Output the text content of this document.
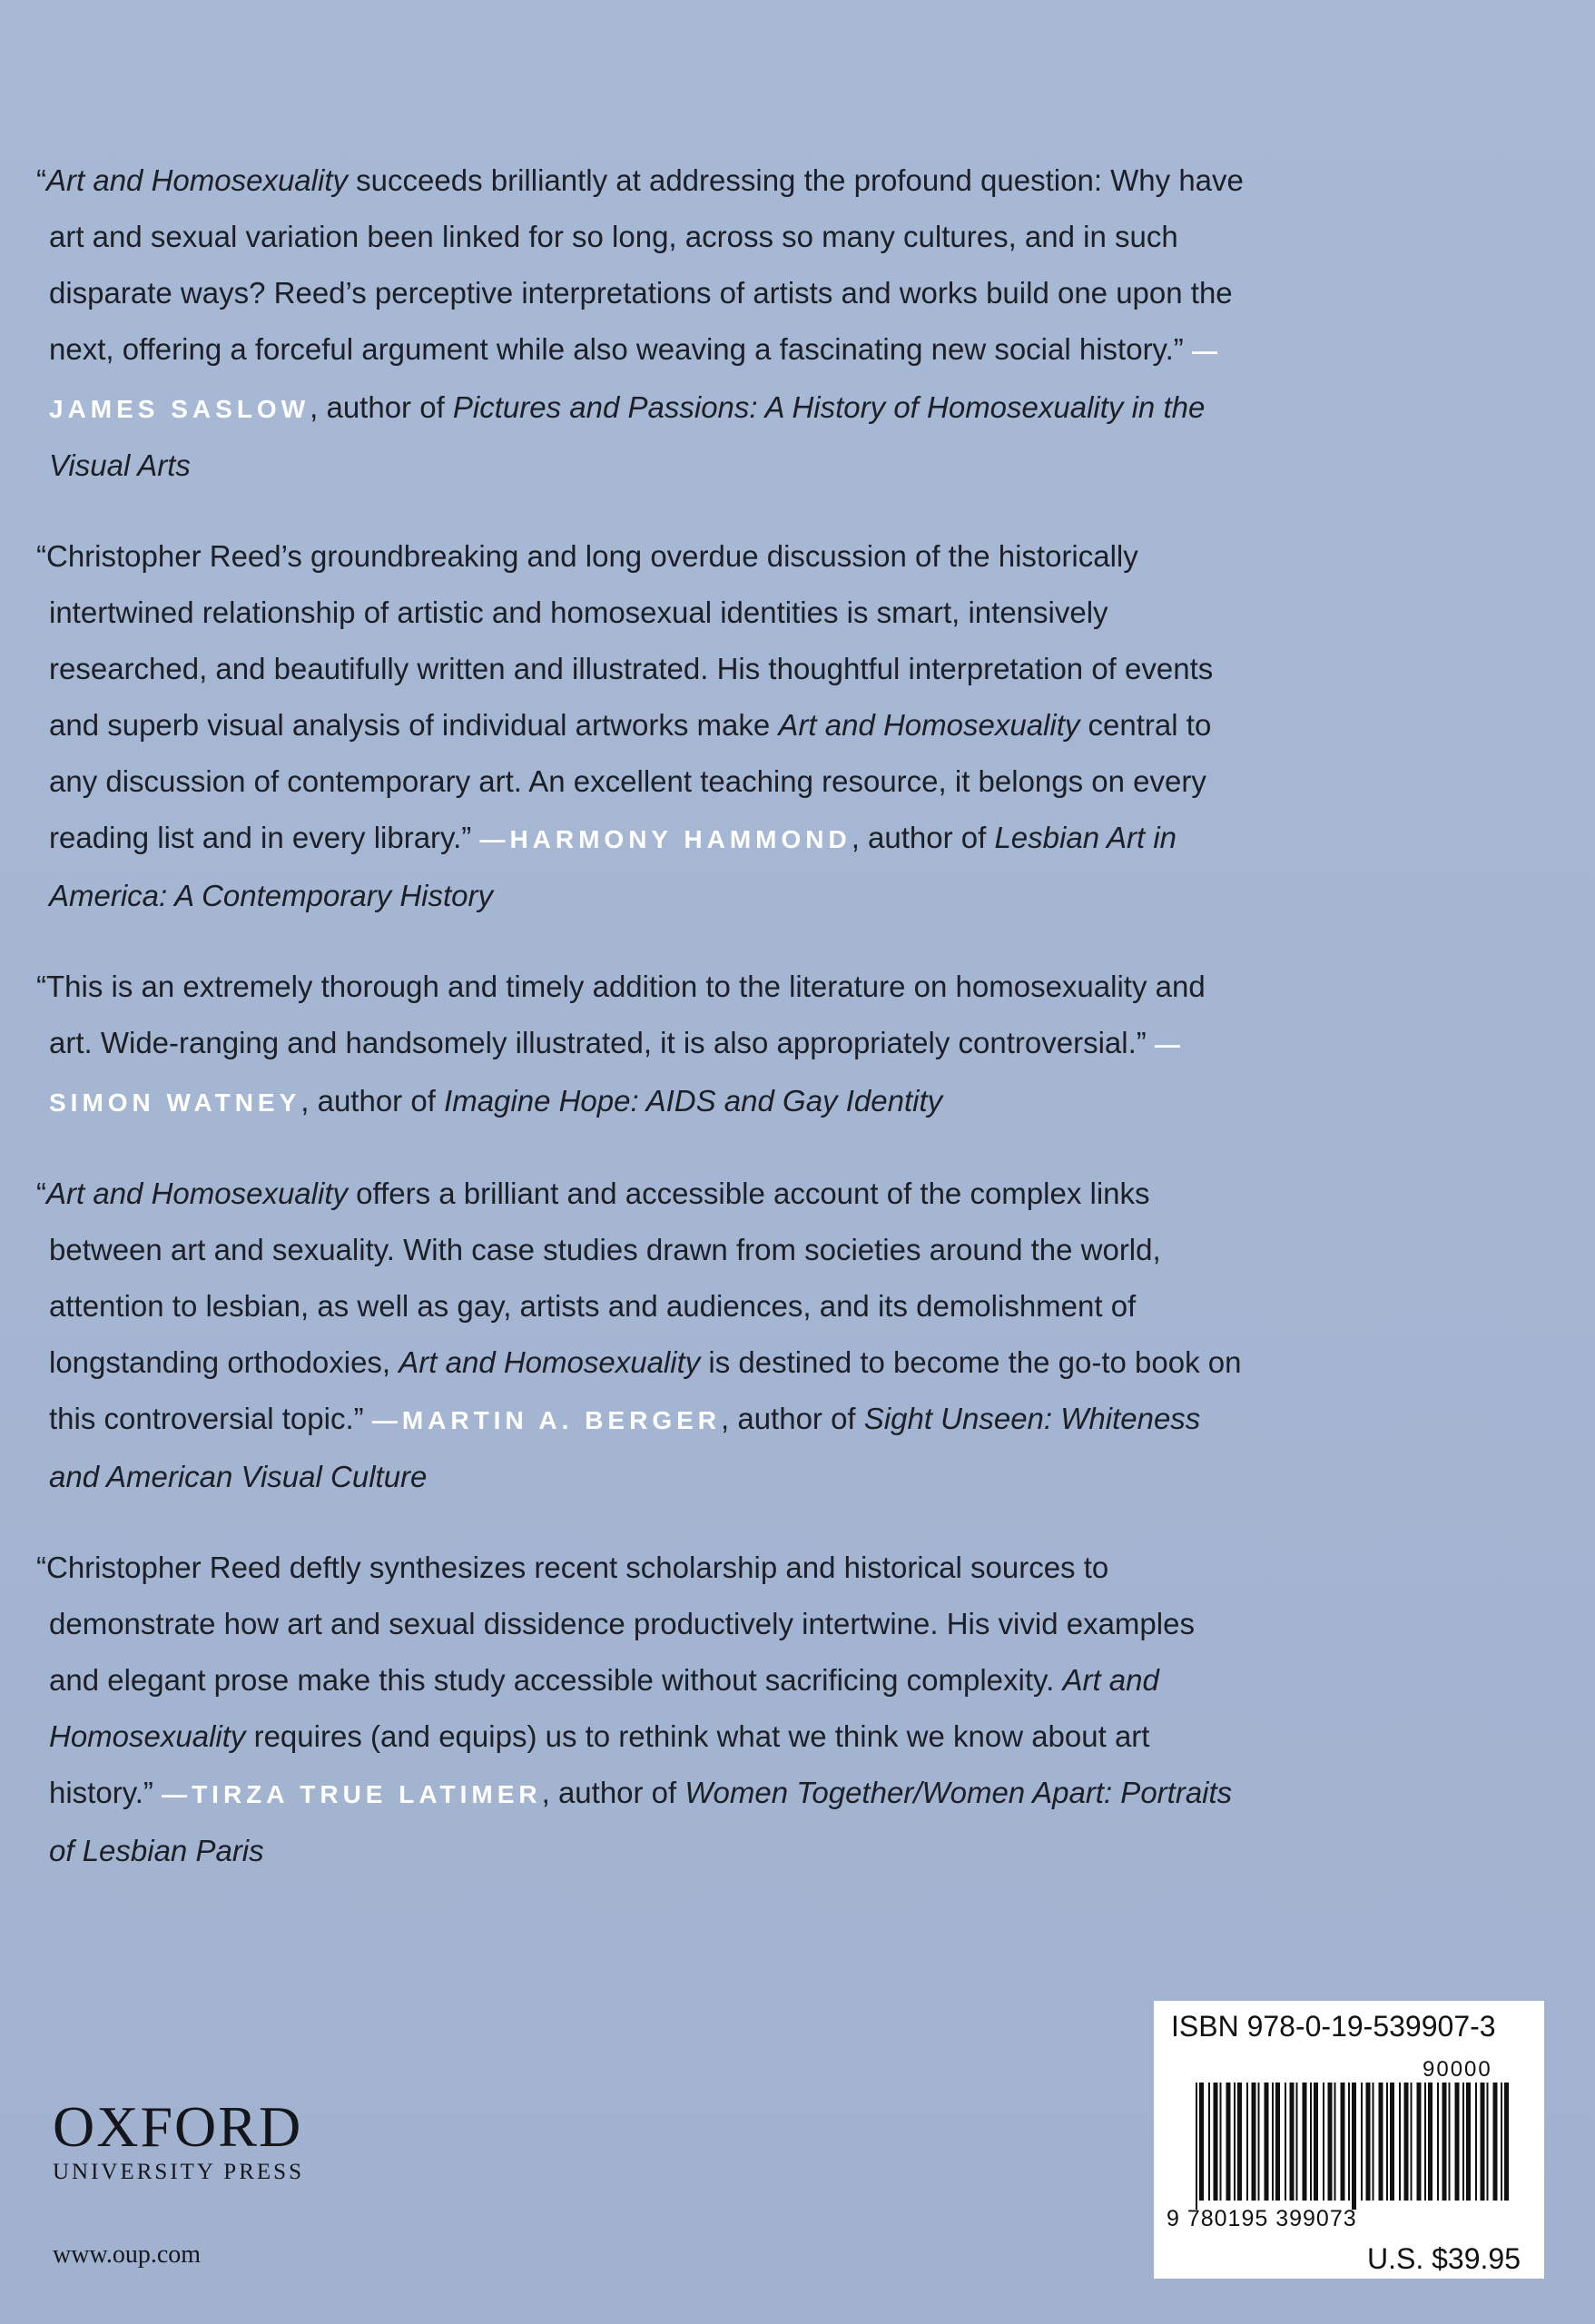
“Art and Homosexuality succeeds brilliantly at addressing the profound question: Why have art and sexual variation been linked for so long, across so many cultures, and in such disparate ways? Reed’s perceptive interpretations of artists and works build one upon the next, offering a forceful argument while also weaving a fascinating new social history.” —JAMES SASLOW, author of Pictures and Passions: A History of Homosexuality in the Visual Arts

“Christopher Reed’s groundbreaking and long overdue discussion of the historically intertwined relationship of artistic and homosexual identities is smart, intensively researched, and beautifully written and illustrated. His thoughtful interpretation of events and superb visual analysis of individual artworks make Art and Homosexuality central to any discussion of contemporary art. An excellent teaching resource, it belongs on every reading list and in every library.” —HARMONY HAMMOND, author of Lesbian Art in America: A Contemporary History

“This is an extremely thorough and timely addition to the literature on homosexuality and art. Wide-ranging and handsomely illustrated, it is also appropriately controversial.” —SIMON WATNEY, author of Imagine Hope: AIDS and Gay Identity

“Art and Homosexuality offers a brilliant and accessible account of the complex links between art and sexuality. With case studies drawn from societies around the world, attention to lesbian, as well as gay, artists and audiences, and its demolishment of longstanding orthodoxies, Art and Homosexuality is destined to become the go-to book on this controversial topic.” —MARTIN A. BERGER, author of Sight Unseen: Whiteness and American Visual Culture

“Christopher Reed deftly synthesizes recent scholarship and historical sources to demonstrate how art and sexual dissidence productively intertwine. His vivid examples and elegant prose make this study accessible without sacrificing complexity. Art and Homosexuality requires (and equips) us to rethink what we think we know about art history.” —TIRZA TRUE LATIMER, author of Women Together/Women Apart: Portraits of Lesbian Paris

OXFORD
UNIVERSITY PRESS
www.oup.com
ISBN 978-0-19-539907-3
90000
9 780195 399073
U.S. $39.95
